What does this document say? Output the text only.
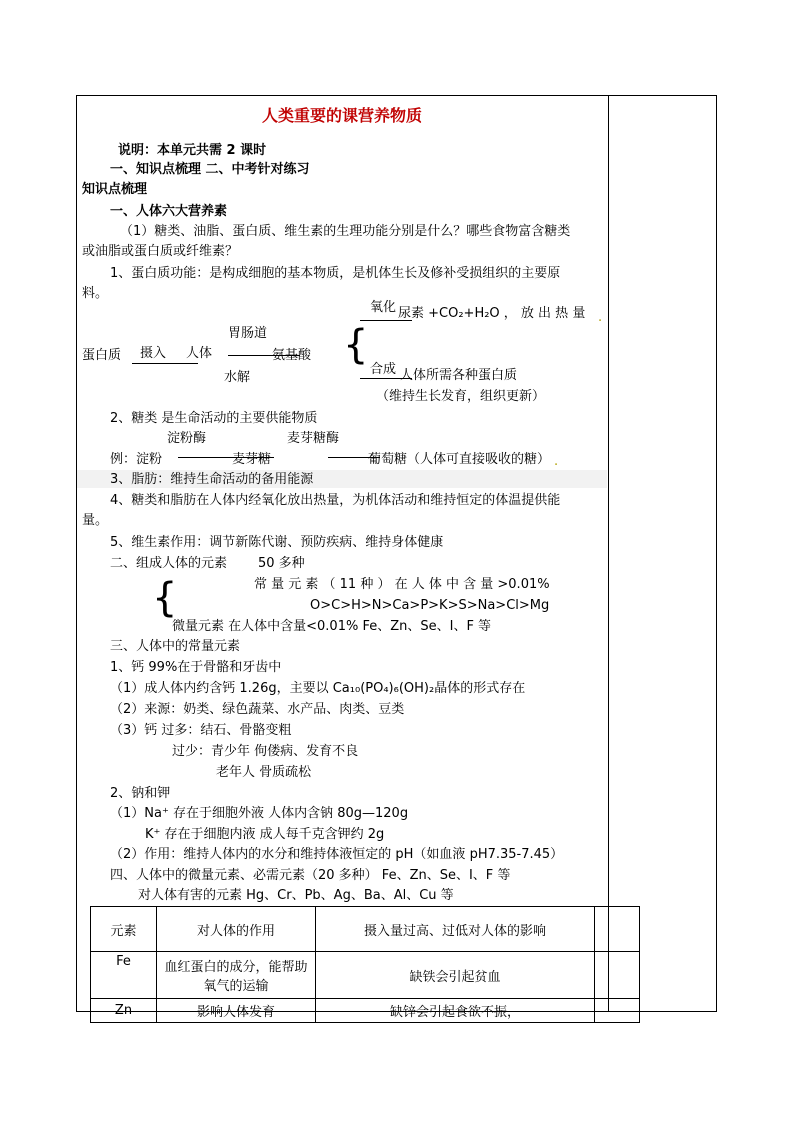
人类重要的课营养物质
说明：本单元共需 2 课时
一、知识点梳理 二、中考针对练习
知识点梳理
一、人体六大营养素
（1）糖类、油脂、蛋白质、维生素的生理功能分别是什么？哪些食物富含糖类
或油脂或蛋白质或纤维素？
1、蛋白质功能：是构成细胞的基本物质，是机体生长及修补受损组织的主要原
料。
蛋白质 摄入 人体
胃肠道
水解
氨基酸 {
氧化 尿素 +CO₂+H₂O ， 放 出 热 量 .
合成 人体所需各种蛋白质
（维持生长发育，组织更新）
2、糖类 是生命活动的主要供能物质
淀粉酶	麦芽糖酶
例：淀粉	麦芽糖	葡萄糖（人体可直接吸收的糖） .
3、脂肪：维持生命活动的备用能源
4、糖类和脂肪在人体内经氧化放出热量，为机体活动和维持恒定的体温提供能
量。
5、维生素作用：调节新陈代谢、预防疾病、维持身体健康
二、组成人体的元素 50 多种
常 量 元 素 （ 11 种 ） 在 人 体 中 含 量 >0.01%
{	O>C>H>N>Ca>P>K>S>Na>Cl>Mg
微量元素 在人体中含量<0.01% Fe、Zn、Se、I、F 等
三、人体中的常量元素
1、钙 99%在于骨骼和牙齿中
（1）成人体内约含钙 1.26g，主要以 Ca₁₀(PO₄)₆(OH)₂晶体的形式存在
（2）来源：奶类、绿色蔬菜、水产品、肉类、豆类
（3）钙 过多：结石、骨骼变粗
过少：青少年 佝偻病、发育不良
老年人 骨质疏松
2、钠和钾
（1）Na⁺ 存在于细胞外液 人体内含钠 80g—120g
K⁺ 存在于细胞内液 成人每千克含钾约 2g
（2）作用：维持人体内的水分和维持体液恒定的 pH（如血液 pH7.35-7.45）
四、人体中的微量元素、必需元素（20 多种） Fe、Zn、Se、I、F 等
对人体有害的元素 Hg、Cr、Pb、Ag、Ba、Al、Cu 等
元素	对人体的作用	摄入量过高、过低对人体的影响	
Fe	血红蛋白的成分，能帮助氧气的运输	缺铁会引起贫血	
Zn	影响人体发育	缺锌会引起食欲不振，	
